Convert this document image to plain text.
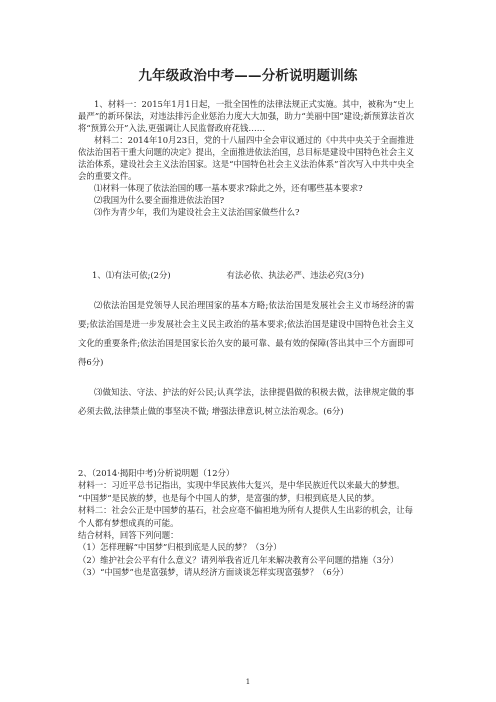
九年级政治中考——分析说明题训练

1、材料一：2015年1月1日起，一批全国性的法律法规正式实施。其中，被称为“史上最严”的新环保法，对违法排污企业惩治力度大大加强，助力“美丽中国”建设;新预算法首次将“预算公开”入法,更强调让人民监督政府花钱……

材料二：2014年10月23日，党的十八届四中全会审议通过的《中共中央关于全面推进依法治国若干重大问题的决定》提出，全面推进依法治国，总目标是建设中国特色社会主义法治体系，建设社会主义法治国家。这是“中国特色社会主义法治体系”首次写入中共中央全会的重要文件。

⑴材料一体现了依法治国的哪一基本要求?除此之外，还有哪些基本要求?

⑵我国为什么要全面推进依法治国?

⑶作为青少年，我们为建设社会主义法治国家做些什么?

1、⑴有法可依;(2分)	有法必依、执法必严、违法必究(3分)

⑵依法治国是党领导人民治理国家的基本方略;依法治国是发展社会主义市场经济的需要;依法治国是进一步发展社会主义民主政治的基本要求;依法治国是建设中国特色社会主义文化的重要条件;依法治国是国家长治久安的最可靠、最有效的保障(答出其中三个方面即可得6分)

⑶做知法、守法、护法的好公民;认真学法，法律提倡做的积极去做，法律规定做的事必须去做,法律禁止做的事坚决不做; 增强法律意识,树立法治观念。(6分)

2、（2014·揭阳中考)分析说明题（12分）

材料一：习近平总书记指出，实现中华民族伟大复兴，是中华民族近代以来最大的梦想。 “中国梦”是民族的梦，也是每个中国人的梦，是富强的梦，归根到底是人民的梦。

材料二：社会公正是中国梦的基石，社会应毫不偏袒地为所有人提供人生出彩的机会，让每个人都有梦想成真的可能。

结合材料，回答下列问题：

（1）怎样理解“中国梦”归根到底是人民的梦？（3分）

（2）维护社会公平有什么意义？请列举我省近几年来解决教育公平问题的措施（3分）

（3）“中国梦”也是富强梦，请从经济方面谈谈怎样实现富强梦？（6分）

1
